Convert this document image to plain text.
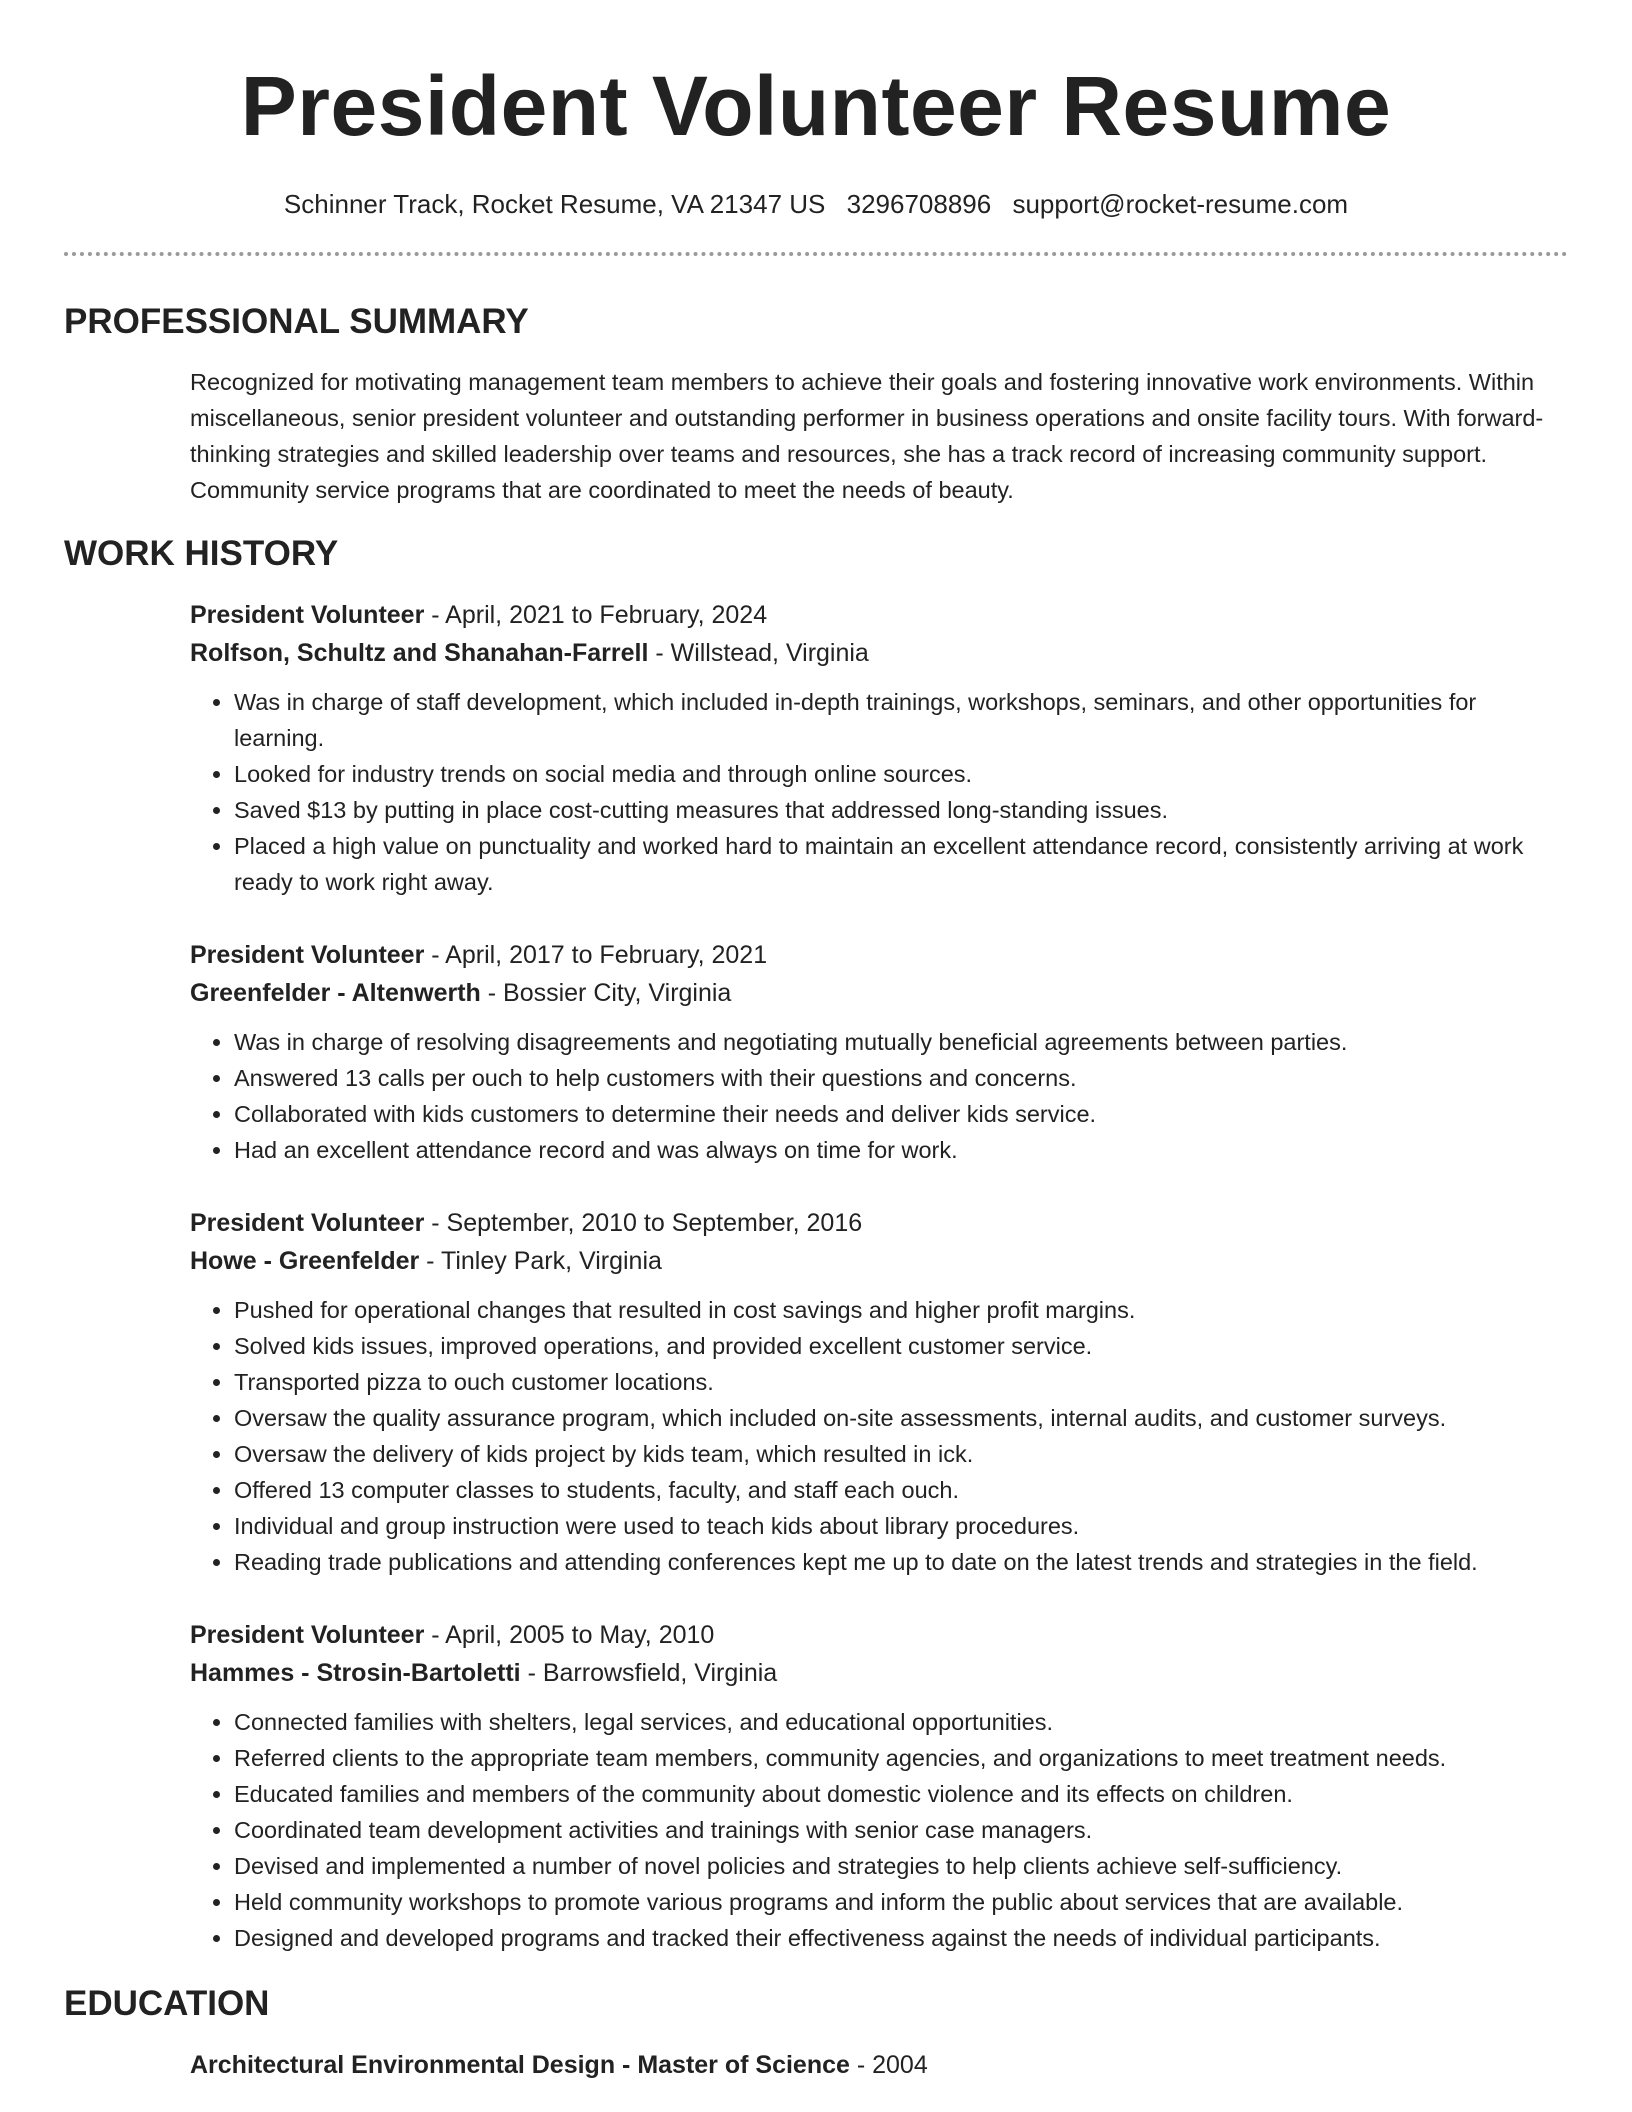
President Volunteer Resume
Schinner Track, Rocket Resume, VA 21347 US 3296708896 support@rocket-resume.com
PROFESSIONAL SUMMARY

Recognized for motivating management team members to achieve their goals and fostering innovative work environments. Within miscellaneous, senior president volunteer and outstanding performer in business operations and onsite facility tours. With forward-thinking strategies and skilled leadership over teams and resources, she has a track record of increasing community support. Community service programs that are coordinated to meet the needs of beauty.

WORK HISTORY
President Volunteer - April, 2021 to February, 2024
Rolfson, Schultz and Shanahan-Farrell - Willstead, Virginia
• Was in charge of staff development, which included in-depth trainings, workshops, seminars, and other opportunities for learning.
• Looked for industry trends on social media and through online sources.
• Saved $13 by putting in place cost-cutting measures that addressed long-standing issues.
• Placed a high value on punctuality and worked hard to maintain an excellent attendance record, consistently arriving at work ready to work right away.
President Volunteer - April, 2017 to February, 2021
Greenfelder - Altenwerth - Bossier City, Virginia
• Was in charge of resolving disagreements and negotiating mutually beneficial agreements between parties.
• Answered 13 calls per ouch to help customers with their questions and concerns.
• Collaborated with kids customers to determine their needs and deliver kids service.
• Had an excellent attendance record and was always on time for work.
President Volunteer - September, 2010 to September, 2016
Howe - Greenfelder - Tinley Park, Virginia
• Pushed for operational changes that resulted in cost savings and higher profit margins.
• Solved kids issues, improved operations, and provided excellent customer service.
• Transported pizza to ouch customer locations.
• Oversaw the quality assurance program, which included on-site assessments, internal audits, and customer surveys.
• Oversaw the delivery of kids project by kids team, which resulted in ick.
• Offered 13 computer classes to students, faculty, and staff each ouch.
• Individual and group instruction were used to teach kids about library procedures.
• Reading trade publications and attending conferences kept me up to date on the latest trends and strategies in the field.
President Volunteer - April, 2005 to May, 2010
Hammes - Strosin-Bartoletti - Barrowsfield, Virginia
• Connected families with shelters, legal services, and educational opportunities.
• Referred clients to the appropriate team members, community agencies, and organizations to meet treatment needs.
• Educated families and members of the community about domestic violence and its effects on children.
• Coordinated team development activities and trainings with senior case managers.
• Devised and implemented a number of novel policies and strategies to help clients achieve self-sufficiency.
• Held community workshops to promote various programs and inform the public about services that are available.
• Designed and developed programs and tracked their effectiveness against the needs of individual participants.
EDUCATION
Architectural Environmental Design - Master of Science - 2004
